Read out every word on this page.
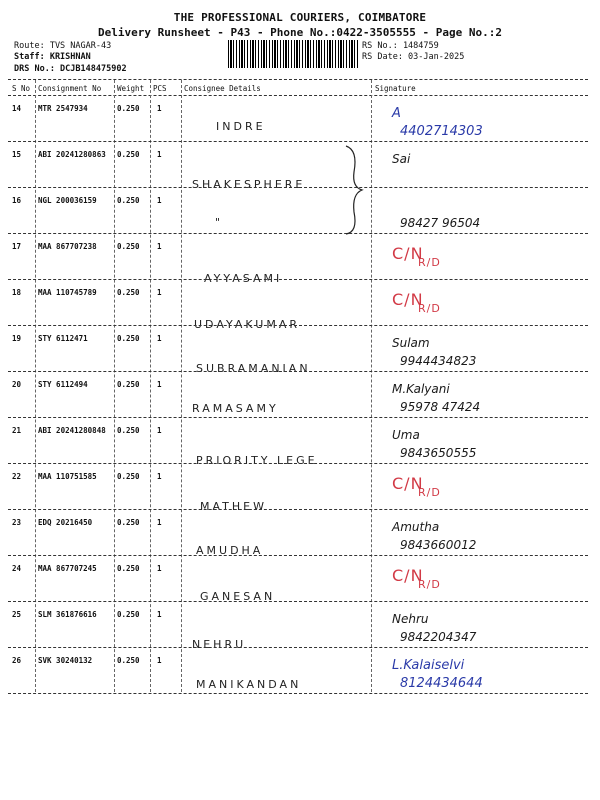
THE PROFESSIONAL COURIERS, COIMBATORE
Delivery Runsheet - P43 - Phone No.:0422-3505555 - Page No.:2
Route: TVS NAGAR-43
Staff: KRISHNAN
DRS No.: DCJB148475902
RS No.: 1484759
RS Date: 03-Jan-2025
S No Consignment No Weight PCS Consignee Details	Signature
14 MTR 2547934	0.250 1
INDRE
A
4402714303
15 ABI 20241280863 0.250 1
SHAKESPHERE
Sai
16 NGL 200036159	0.250 1
"	98427 96504
17 MAA 867707238	0.250 1
AYYASAMI
C/N
R/D
18 MAA 110745789	0.250 1
UDAYAKUMAR
C/N
R/D
19 STY 6112471	0.250 1
SUBRAMANIAN
Sulam
9944434823
20 STY 6112494	0.250 1
RAMASAMY
M.Kalyani
95978 47424
21 ABI 20241280848 0.250 1
PRIORITY LEGE
Uma
9843650555
22 MAA 110751585	0.250 1
MATHEW
C/N
R/D
23 EDQ 20216450	0.250 1
AMUDHA
Amutha
9843660012
24 MAA 867707245	0.250 1
GANESAN
C/N
R/D
25 SLM 361876616	0.250 1
NEHRU
Nehru
9842204347
26 SVK 30240132	0.250 1
MANIKANDAN
L.Kalaiselvi
8124434644
